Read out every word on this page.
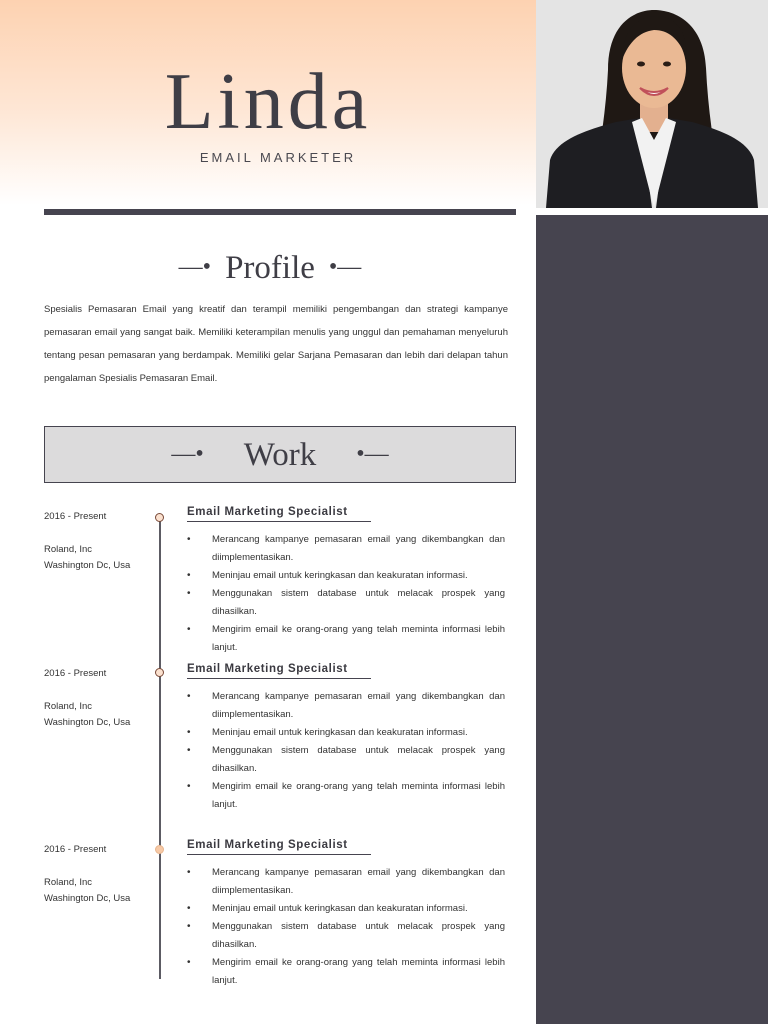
Linda
EMAIL MARKETER
—• Profile •—
Spesialis Pemasaran Email yang kreatif dan terampil memiliki pengembangan dan strategi kampanye pemasaran email yang sangat baik. Memiliki keterampilan menulis yang unggul dan pemahaman menyeluruh tentang pesan pemasaran yang berdampak. Memiliki gelar Sarjana Pemasaran dan lebih dari delapan tahun pengalaman Spesialis Pemasaran Email.
—• Work •—
2016 - Present
Roland, Inc
Washington Dc, Usa
Email Marketing Specialist
• Merancang kampanye pemasaran email yang dikembangkan dan diimplementasikan.
• Meninjau email untuk keringkasan dan keakuratan informasi.
• Menggunakan sistem database untuk melacak prospek yang dihasilkan.
• Mengirim email ke orang-orang yang telah meminta informasi lebih lanjut.
2016 - Present
Roland, Inc
Washington Dc, Usa
Email Marketing Specialist
• Merancang kampanye pemasaran email yang dikembangkan dan diimplementasikan.
• Meninjau email untuk keringkasan dan keakuratan informasi.
• Menggunakan sistem database untuk melacak prospek yang dihasilkan.
• Mengirim email ke orang-orang yang telah meminta informasi lebih lanjut.
2016 - Present
Roland, Inc
Washington Dc, Usa
Email Marketing Specialist
• Merancang kampanye pemasaran email yang dikembangkan dan diimplementasikan.
• Meninjau email untuk keringkasan dan keakuratan informasi.
• Menggunakan sistem database untuk melacak prospek yang dihasilkan.
• Mengirim email ke orang-orang yang telah meminta informasi lebih lanjut.
